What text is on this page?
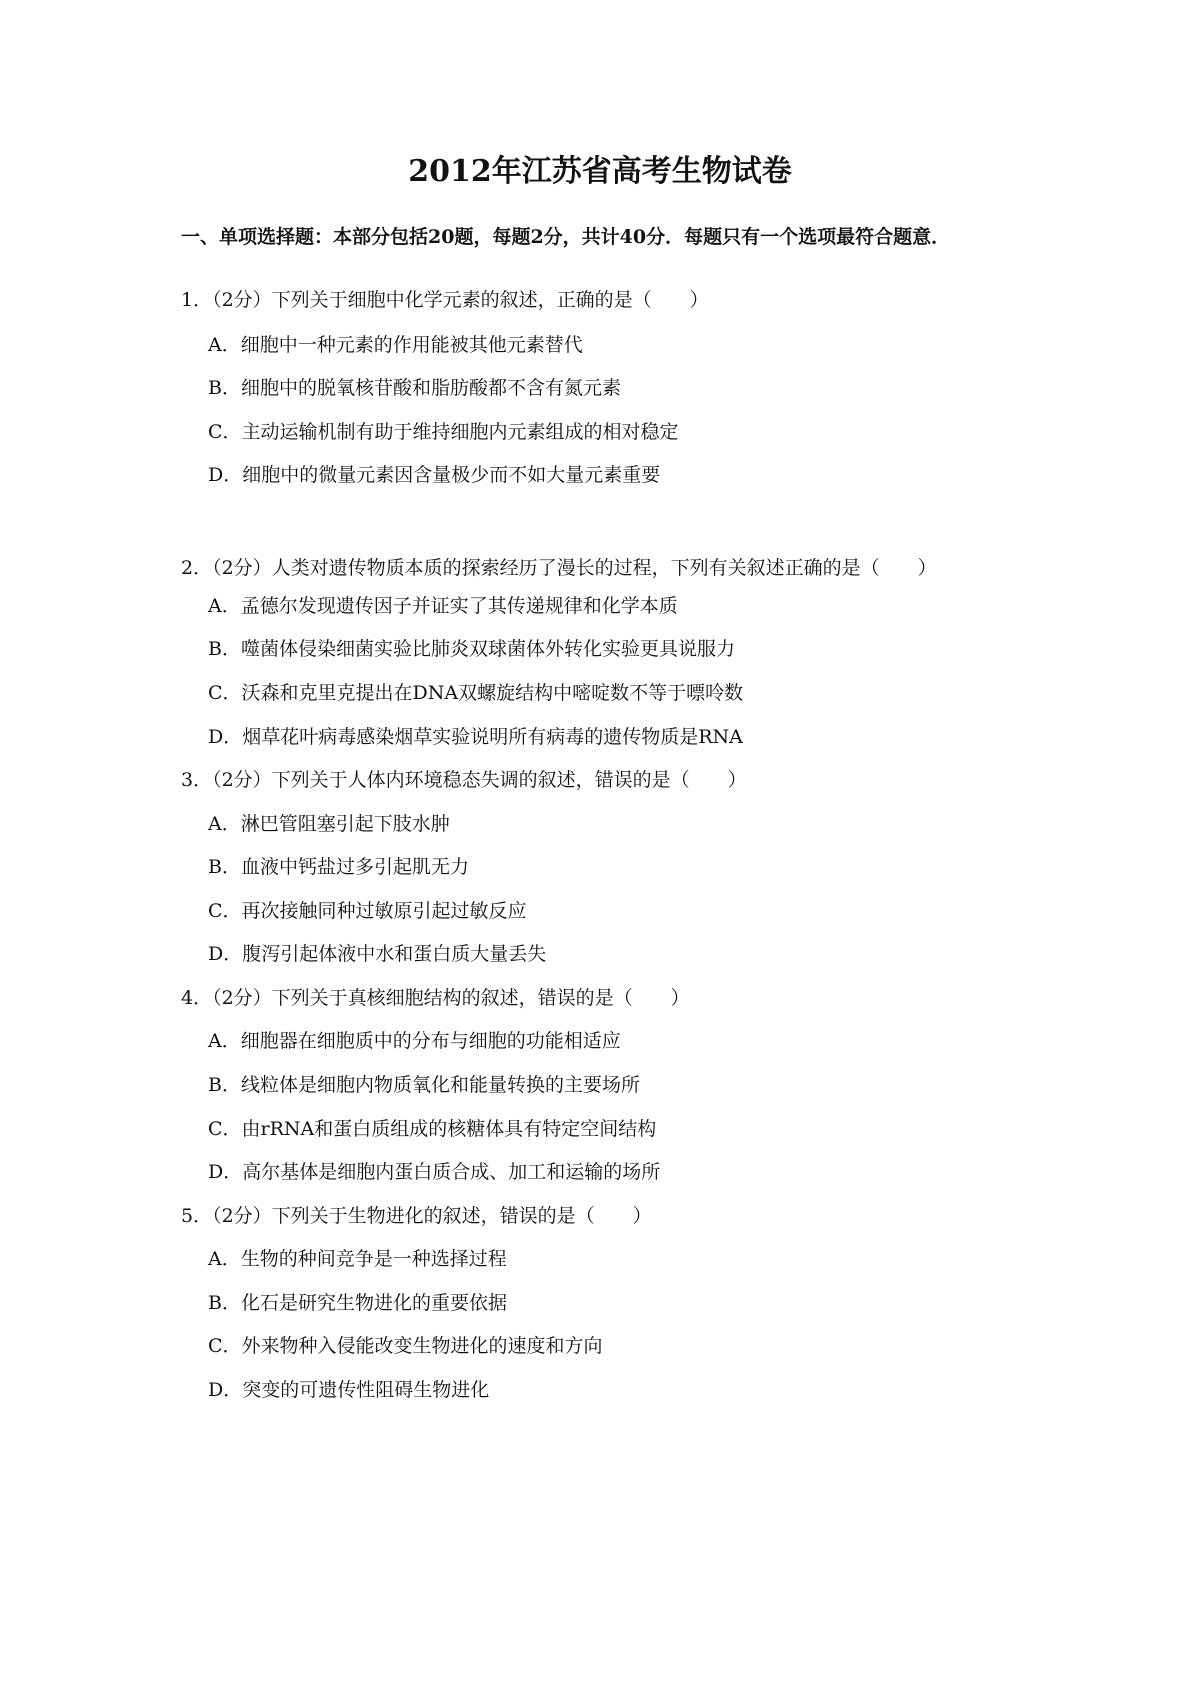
2012年江苏省高考生物试卷
一、单项选择题：本部分包括20题，每题2分，共计40分．每题只有一个选项最符合题意．
1．（2分）下列关于细胞中化学元素的叙述，正确的是（　　）
A．细胞中一种元素的作用能被其他元素替代
B．细胞中的脱氧核苷酸和脂肪酸都不含有氮元素
C．主动运输机制有助于维持细胞内元素组成的相对稳定
D．细胞中的微量元素因含量极少而不如大量元素重要
2．（2分）人类对遗传物质本质的探索经历了漫长的过程，下列有关叙述正确的是（　　）
A．孟德尔发现遗传因子并证实了其传递规律和化学本质
B．噬菌体侵染细菌实验比肺炎双球菌体外转化实验更具说服力
C．沃森和克里克提出在DNA双螺旋结构中嘧啶数不等于嘌呤数
D．烟草花叶病毒感染烟草实验说明所有病毒的遗传物质是RNA
3．（2分）下列关于人体内环境稳态失调的叙述，错误的是（　　）
A．淋巴管阻塞引起下肢水肿
B．血液中钙盐过多引起肌无力
C．再次接触同种过敏原引起过敏反应
D．腹泻引起体液中水和蛋白质大量丢失
4．（2分）下列关于真核细胞结构的叙述，错误的是（　　）
A．细胞器在细胞质中的分布与细胞的功能相适应
B．线粒体是细胞内物质氧化和能量转换的主要场所
C．由rRNA和蛋白质组成的核糖体具有特定空间结构
D．高尔基体是细胞内蛋白质合成、加工和运输的场所
5．（2分）下列关于生物进化的叙述，错误的是（　　）
A．生物的种间竞争是一种选择过程
B．化石是研究生物进化的重要依据
C．外来物种入侵能改变生物进化的速度和方向
D．突变的可遗传性阻碍生物进化
